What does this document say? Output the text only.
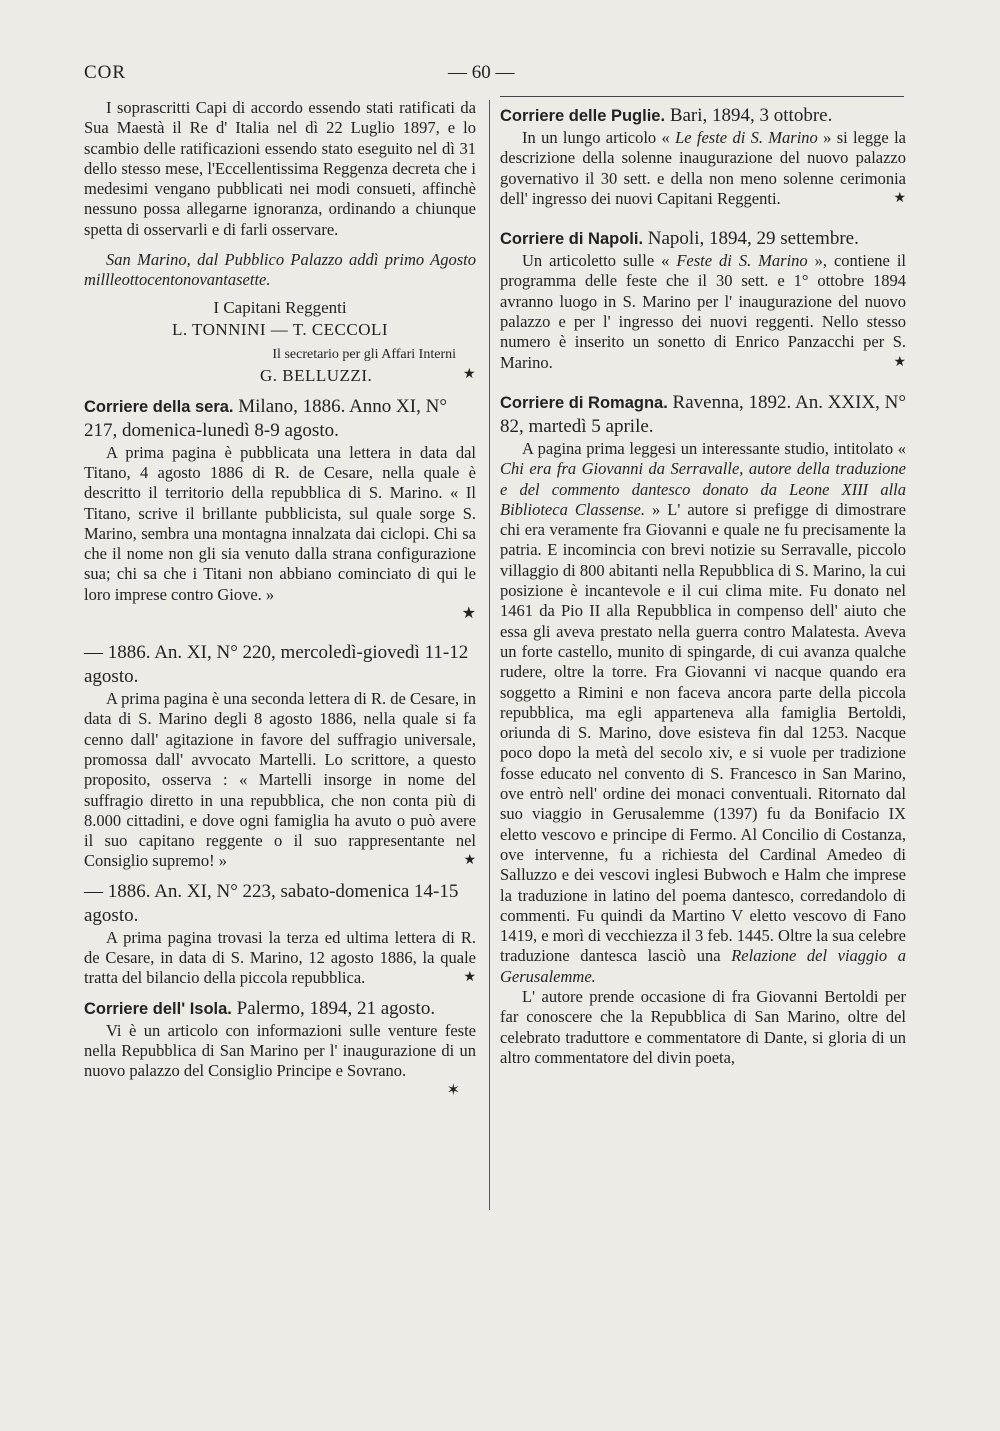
COR	— 60 —

I soprascritti Capi di accordo essendo stati ratificati da Sua Maestà il Re d' Italia nel dì 22 Luglio 1897, e lo scambio delle ratificazioni essendo stato eseguito nel dì 31 dello stesso mese, l'Eccellentissima Reggenza decreta che i medesimi vengano pubblicati nei modi consueti, affinchè nessuno possa allegarne ignoranza, ordinando a chiunque spetta di osservarli e di farli osservare.

San Marino, dal Pubblico Palazzo addì primo Agosto millleottocentonovantasette.

I Capitani Reggenti
L. TONNINI — T. CECCOLI
Il secretario per gli Affari Interni
G. BELLUZZI.	★

Corriere della sera. Milano, 1886. Anno XI, N° 217, domenica-lunedì 8-9 agosto.

A prima pagina è pubblicata una lettera in data dal Titano, 4 agosto 1886 di R. de Cesare, nella quale è descritto il territorio della repubblica di S. Marino. « Il Titano, scrive il brillante pubblicista, sul quale sorge S. Marino, sembra una montagna innalzata dai ciclopi. Chi sa che il nome non gli sia venuto dalla strana configurazione sua; chi sa che i Titani non abbiano cominciato di qui le loro imprese contro Giove. »

★

— 1886. An. XI, N° 220, mercoledì-giovedì 11-12 agosto.

A prima pagina è una seconda lettera di R. de Cesare, in data di S. Marino degli 8 agosto 1886, nella quale si fa cenno dall' agitazione in favore del suffragio universale, promossa dall' avvocato Martelli. Lo scrittore, a questo proposito, osserva : « Martelli insorge in nome del suffragio diretto in una repubblica, che non conta più di 8.000 cittadini, e dove ogni famiglia ha avuto o può avere il suo capitano reggente o il suo rappresentante nel Consiglio supremo! »	★

— 1886. An. XI, N° 223, sabato-domenica 14-15 agosto.

A prima pagina trovasi la terza ed ultima lettera di R. de Cesare, in data di S. Marino, 12 agosto 1886, la quale tratta del bilancio della piccola repubblica.	★

Corriere dell' Isola. Palermo, 1894, 21 agosto.

Vi è un articolo con informazioni sulle venture feste nella Repubblica di San Marino per l' inaugurazione di un nuovo palazzo del Consiglio Principe e Sovrano.

✶

Corriere delle Puglie. Bari, 1894, 3 ottobre.

In un lungo articolo « Le feste di S. Marino » si legge la descrizione della solenne inaugurazione del nuovo palazzo governativo il 30 sett. e della non meno solenne cerimonia dell' ingresso dei nuovi Capitani Reggenti.	★

Corriere di Napoli. Napoli, 1894, 29 settembre.

Un articoletto sulle « Feste di S. Marino », contiene il programma delle feste che il 30 sett. e 1° ottobre 1894 avranno luogo in S. Marino per l' inaugurazione del nuovo palazzo e per l' ingresso dei nuovi reggenti. Nello stesso numero è inserito un sonetto di Enrico Panzacchi per S. Marino.	★

Corriere di Romagna. Ravenna, 1892. An. XXIX, N° 82, martedì 5 aprile.

A pagina prima leggesi un interessante studio, intitolato « Chi era fra Giovanni da Serravalle, autore della traduzione e del commento dantesco donato da Leone XIII alla Biblioteca Classense. » L' autore si prefigge di dimostrare chi era veramente fra Giovanni e quale ne fu precisamente la patria. E incomincia con brevi notizie su Serravalle, piccolo villaggio di 800 abitanti nella Repubblica di S. Marino, la cui posizione è incantevole e il cui clima mite. Fu donato nel 1461 da Pio II alla Repubblica in compenso dell' aiuto che essa gli aveva prestato nella guerra contro Malatesta. Aveva un forte castello, munito di spingarde, di cui avanza qualche rudere, oltre la torre. Fra Giovanni vi nacque quando era soggetto a Rimini e non faceva ancora parte della piccola repubblica, ma egli apparteneva alla famiglia Bertoldi, oriunda di S. Marino, dove esisteva fin dal 1253. Nacque poco dopo la metà del secolo xiv, e si vuole per tradizione fosse educato nel convento di S. Francesco in San Marino, ove entrò nell' ordine dei monaci conventuali. Ritornato dal suo viaggio in Gerusalemme (1397) fu da Bonifacio IX eletto vescovo e principe di Fermo. Al Concilio di Costanza, ove intervenne, fu a richiesta del Cardinal Amedeo di Salluzzo e dei vescovi inglesi Bubwoch e Halm che imprese la traduzione in latino del poema dantesco, corredandolo di commenti. Fu quindi da Martino V eletto vescovo di Fano 1419, e morì di vecchiezza il 3 feb. 1445. Oltre la sua celebre traduzione dantesca lasciò una Relazione del viaggio a Gerusalemme.

L' autore prende occasione di fra Giovanni Bertoldi per far conoscere che la Repubblica di San Marino, oltre del celebrato traduttore e commentatore di Dante, si gloria di un altro commentatore del divin poeta,
